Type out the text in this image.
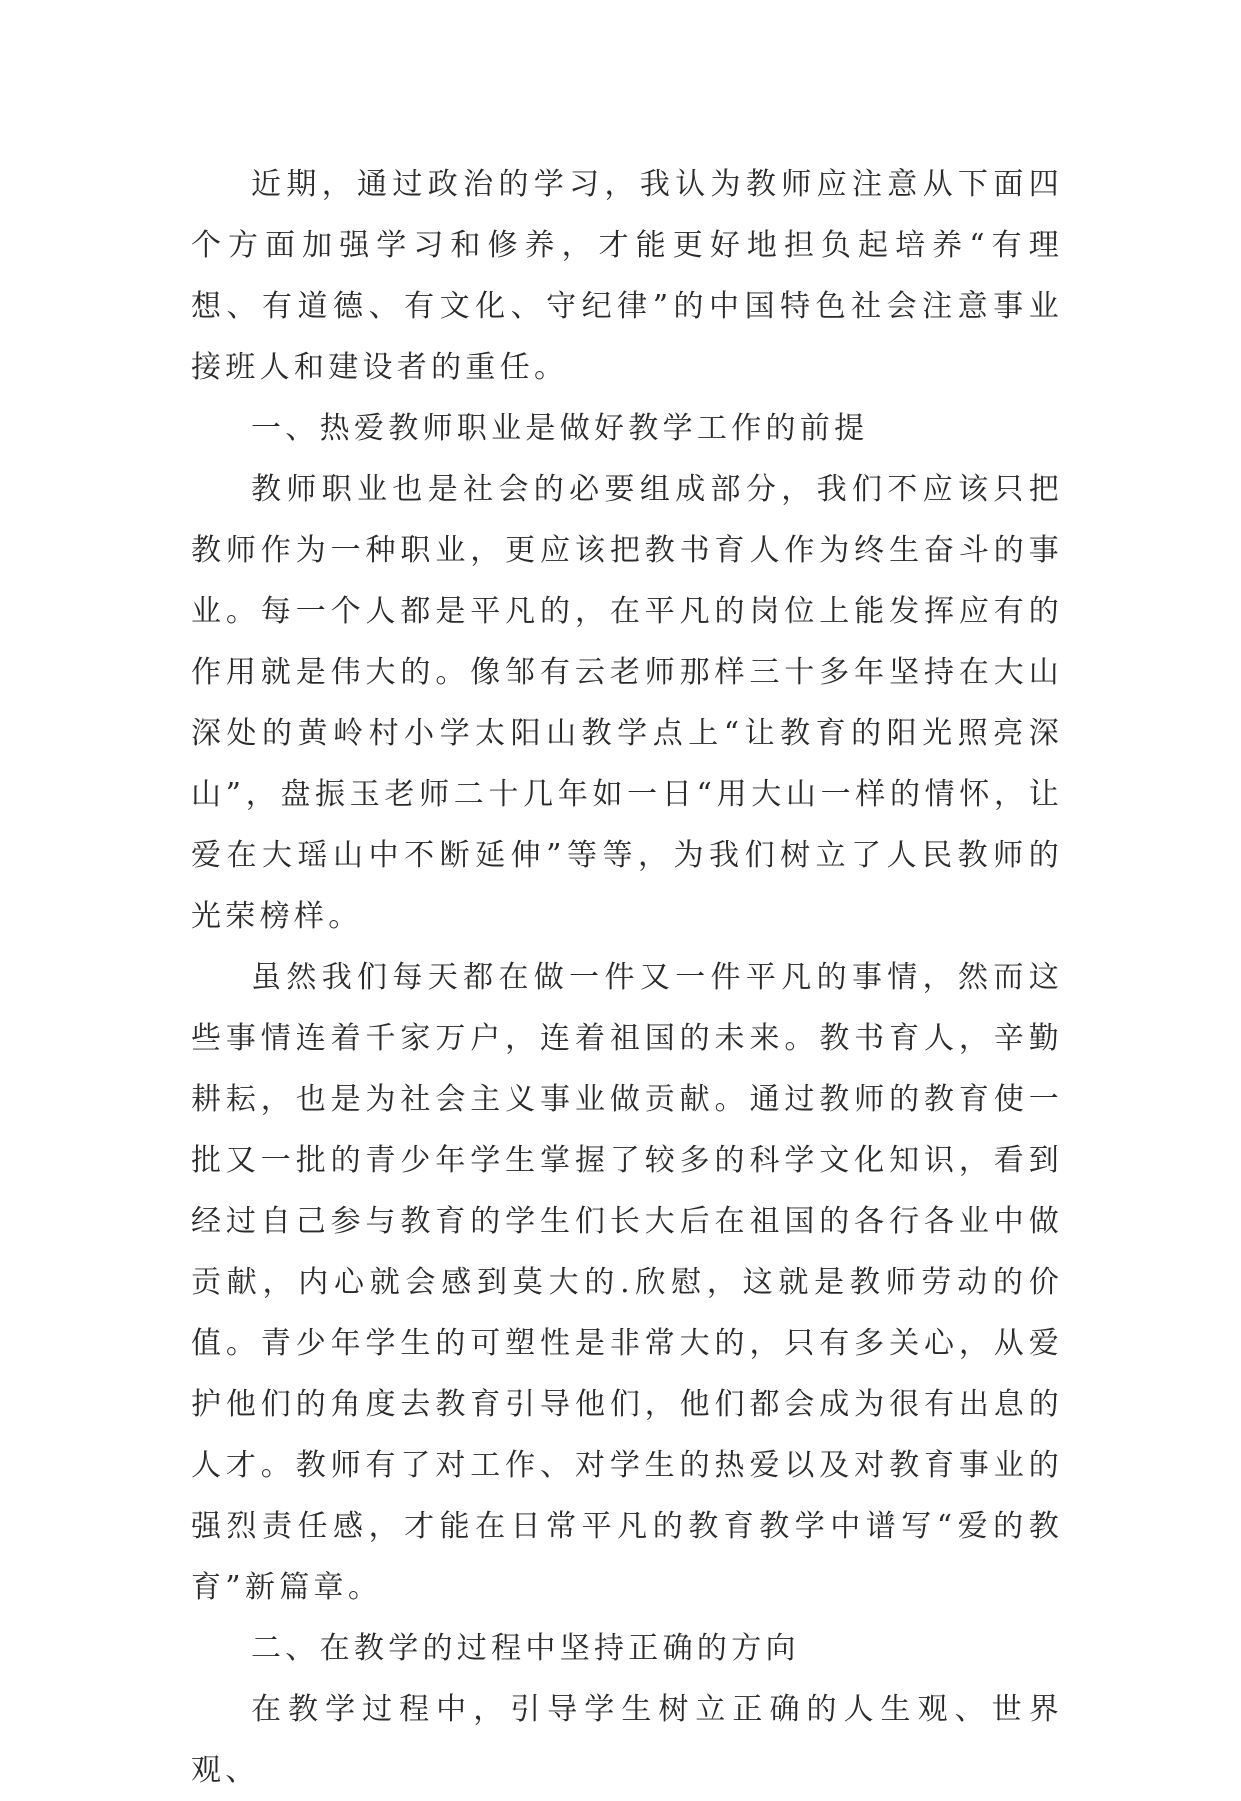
近期，通过政治的学习，我认为教师应注意从下面四个方面加强学习和修养，才能更好地担负起培养“有理想、有道德、有文化、守纪律”的中国特色社会注意事业接班人和建设者的重任。

一、热爱教师职业是做好教学工作的前提

教师职业也是社会的必要组成部分，我们不应该只把教师作为一种职业，更应该把教书育人作为终生奋斗的事业。每一个人都是平凡的，在平凡的岗位上能发挥应有的作用就是伟大的。像邹有云老师那样三十多年坚持在大山深处的黄岭村小学太阳山教学点上“让教育的阳光照亮深山”，盘振玉老师二十几年如一日“用大山一样的情怀，让爱在大瑶山中不断延伸”等等，为我们树立了人民教师的光荣榜样。

虽然我们每天都在做一件又一件平凡的事情，然而这些事情连着千家万户，连着祖国的未来。教书育人，辛勤耕耘，也是为社会主义事业做贡献。通过教师的教育使一批又一批的青少年学生掌握了较多的科学文化知识，看到经过自己参与教育的学生们长大后在祖国的各行各业中做贡献，内心就会感到莫大的.欣慰，这就是教师劳动的价值。青少年学生的可塑性是非常大的，只有多关心，从爱护他们的角度去教育引导他们，他们都会成为很有出息的人才。教师有了对工作、对学生的热爱以及对教育事业的强烈责任感，才能在日常平凡的教育教学中谱写“爱的教育”新篇章。

二、在教学的过程中坚持正确的方向

在教学过程中，引导学生树立正确的人生观、世界观、
